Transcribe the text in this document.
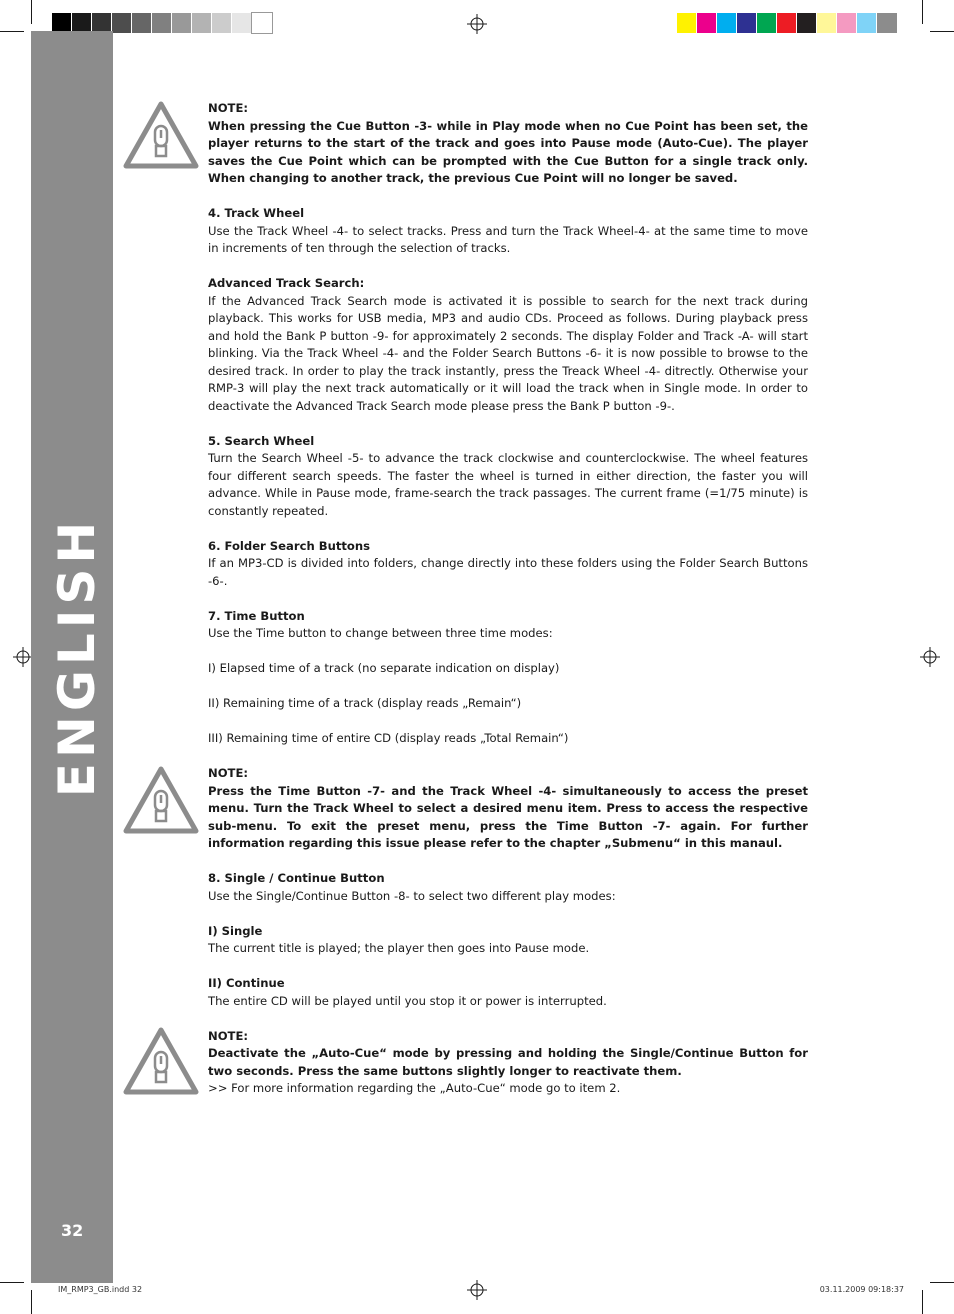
ENGLISH
32

NOTE:
When pressing the Cue Button -3- while in Play mode when no Cue Point has been set, the player returns to the start of the track and goes into Pause mode (Auto-Cue). The player saves the Cue Point which can be prompted with the Cue Button for a single track only. When changing to another track, the previous Cue Point will no longer be saved.

4. Track Wheel
Use the Track Wheel -4- to select tracks. Press and turn the Track Wheel-4- at the same time to move in increments of ten through the selection of tracks.

Advanced Track Search:
If the Advanced Track Search mode is activated it is possible to search for the next track during playback. This works for USB media, MP3 and audio CDs. Proceed as follows. During playback press and hold the Bank P button -9- for approximately 2 seconds. The display Folder and Track -A- will start blinking. Via the Track Wheel -4- and the Folder Search Buttons -6- it is now possible to browse to the desired track. In order to play the track instantly, press the Treack Wheel -4- ditrectly. Otherwise your RMP-3 will play the next track automatically or it will load the track when in Single mode. In order to deactivate the Advanced Track Search mode please press the Bank P button -9-.

5. Search Wheel
Turn the Search Wheel -5- to advance the track clockwise and counterclockwise. The wheel features four different search speeds. The faster the wheel is turned in either direction, the faster you will advance. While in Pause mode, frame-search the track passages. The current frame (=1/75 minute) is constantly repeated.

6. Folder Search Buttons
If an MP3-CD is divided into folders, change directly into these folders using the Folder Search Buttons -6-.

7. Time Button
Use the Time button to change between three time modes:

I) Elapsed time of a track (no separate indication on display)

II) Remaining time of a track (display reads „Remain“)

III) Remaining time of entire CD (display reads „Total Remain“)

NOTE:
Press the Time Button -7- and the Track Wheel -4- simultaneously to access the preset menu. Turn the Track Wheel to select a desired menu item. Press to access the respective sub-menu. To exit the preset menu, press the Time Button -7- again. For further information regarding this issue please refer to the chapter „Submenu“ in this manaul.

8. Single / Continue Button
Use the Single/Continue Button -8- to select two different play modes:

I) Single
The current title is played; the player then goes into Pause mode.

II) Continue
The entire CD will be played until you stop it or power is interrupted.

NOTE:
Deactivate the „Auto-Cue“ mode by pressing and holding the Single/Continue Button for two seconds. Press the same buttons slightly longer to reactivate them.
>> For more information regarding the „Auto-Cue“ mode go to item 2.

IM_RMP3_GB.indd 32	03.11.2009 09:18:37
